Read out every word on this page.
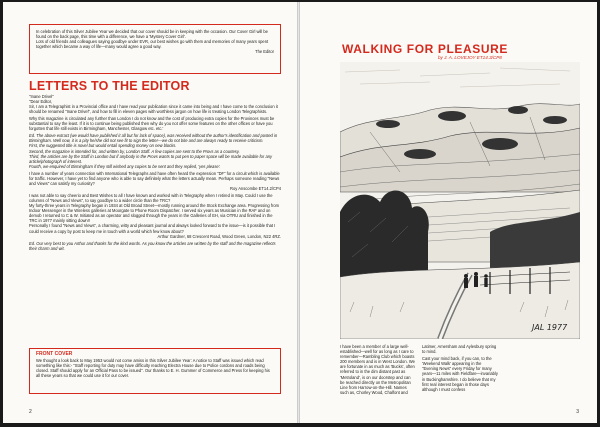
In celebration of this Silver Jubilee Year we decided that our cover should be in keeping with the occasion. Our Cover Girl will be found on the back page, this time with a difference, we have a 'Mystery Cover Girl'.
Lots of old friends and colleagues saying goodbye under EVR, our best wishes go with them and memories of many years spent together which became a way of life—many would agree a good way.
The Editor
LETTERS TO THE EDITOR

"Inane Drivel"

"Dear Editor,

Sir, I am a Telegraphist in a Provincial office and I have read your publication since it came into being and I have come to the conclusion it should be renamed "Inane Drivel", and how to fill in eleven pages with worthless jargon on how life is treating London Telegraphists.

Why this magazine is circulated any further than London I do not know and the cost of producing extra copies for the Provinces must be substantial to say the least. If it is to continue being published then why do you not offer some features on the other offices or have you forgotten that life still exists in Birmingham, Manchester, Glasgow etc. etc.'

Ed. The above extract (we would have published it all but for lack of space), was received without the author's identification and posted in Birmingham. Well now, it is a pity he/she did not see fit to sign the letter—we do not bite and are always ready to receive criticism.

First, the suggested title is novel but would entail spending money on new blocks.

Second, the magazine is intended for, and written by, London Staff. A few copies are sent to the Provs as a courtesy.

Third, the articles are by the Staff in London but if anybody in the Provs wants to put pen to paper space will be made available for any article/photograph of interest.

Fourth, we enquired of Birmingham if they still wished any copies to be sent and they replied, 'yes please'.

I have a number of years connection with International Telegraphs and have often heard the expression "DF" for a circuit which is available for traffic. However, I have yet to find anyone who is able to say definitely what the letters actually mean. Perhaps someone reading "News and Views" can satisfy my curiosity?

Roy Anscombe ET14.2/CP4

I was not able to say cheerio and Best Wishes to all I have known and worked with in Telegraphy when I retired in May. Could I use the columns of "News and Views", to say goodbye to a wider circle than the TRC?

My forty-three years in Telegraphy began in 1934 at Old Broad Street—mostly running around the Stock Exchange area. Progressing from Indoor Messenger in the Wireless galleries at Moorgate to Phone Room Dispatcher. I served six years as Musician in the RAF and on demob I returned to C & W. Initiated as an operator and slogged through the years in the Galleries of EH, via OTRU and finished in the TRC in 1977 mainly sitting down!!

Personally I found "News and Views", a charming, witty and pleasant journal and always looked forward to the issue—is it possible that I could receive a copy by post to keep me in touch with a world which few know about?

Arthur Gardner, 68 Crescent Road, Wood Green, London, N22 4RZ.

Ed. Our very best to you Arthur and thanks for the kind words. As you know the articles are written by the staff and the magazine reflects their charm and wit.

FRONT COVER
We thought a look back to May 1953 would not come amiss in this Silver Jubilee Year: A notice to Staff was issued which read something like this:- "Staff reporting for duty may have difficulty reaching Electra House due to Police cordons and roads being closed. Staff should apply for an Official Pass to be issued". Our thanks to E. H. Gummer of Commerce and Press for keeping his all these years so that we could use it for our cover.
2
WALKING FOR PLEASURE
by J. A. LOVEJOY ET14.3/CP8
JAL 1977
I have been a member of a large well-established—well for as long as I care to remember—Rambling Club which boasts 200 members and is in West London. We are fortunate in as much as 'Bucks', often referred to in the dim distant past as 'Metroland', is on our doorstep and can be reached directly on the Metropolitan Line from Harrow-on-the-Hill. Names such as, Chorley Wood, Chalfont and

Latimer, Amersham and Aylesbury spring to mind.

Cast your mind back, if you can, to the 'Weekend Walk' appearing in the "Evening News" every Friday for many years—11 miles with Fieldfare—invariably in Buckinghamshire. I do believe that my first real interest began in those days although I must confess

3
